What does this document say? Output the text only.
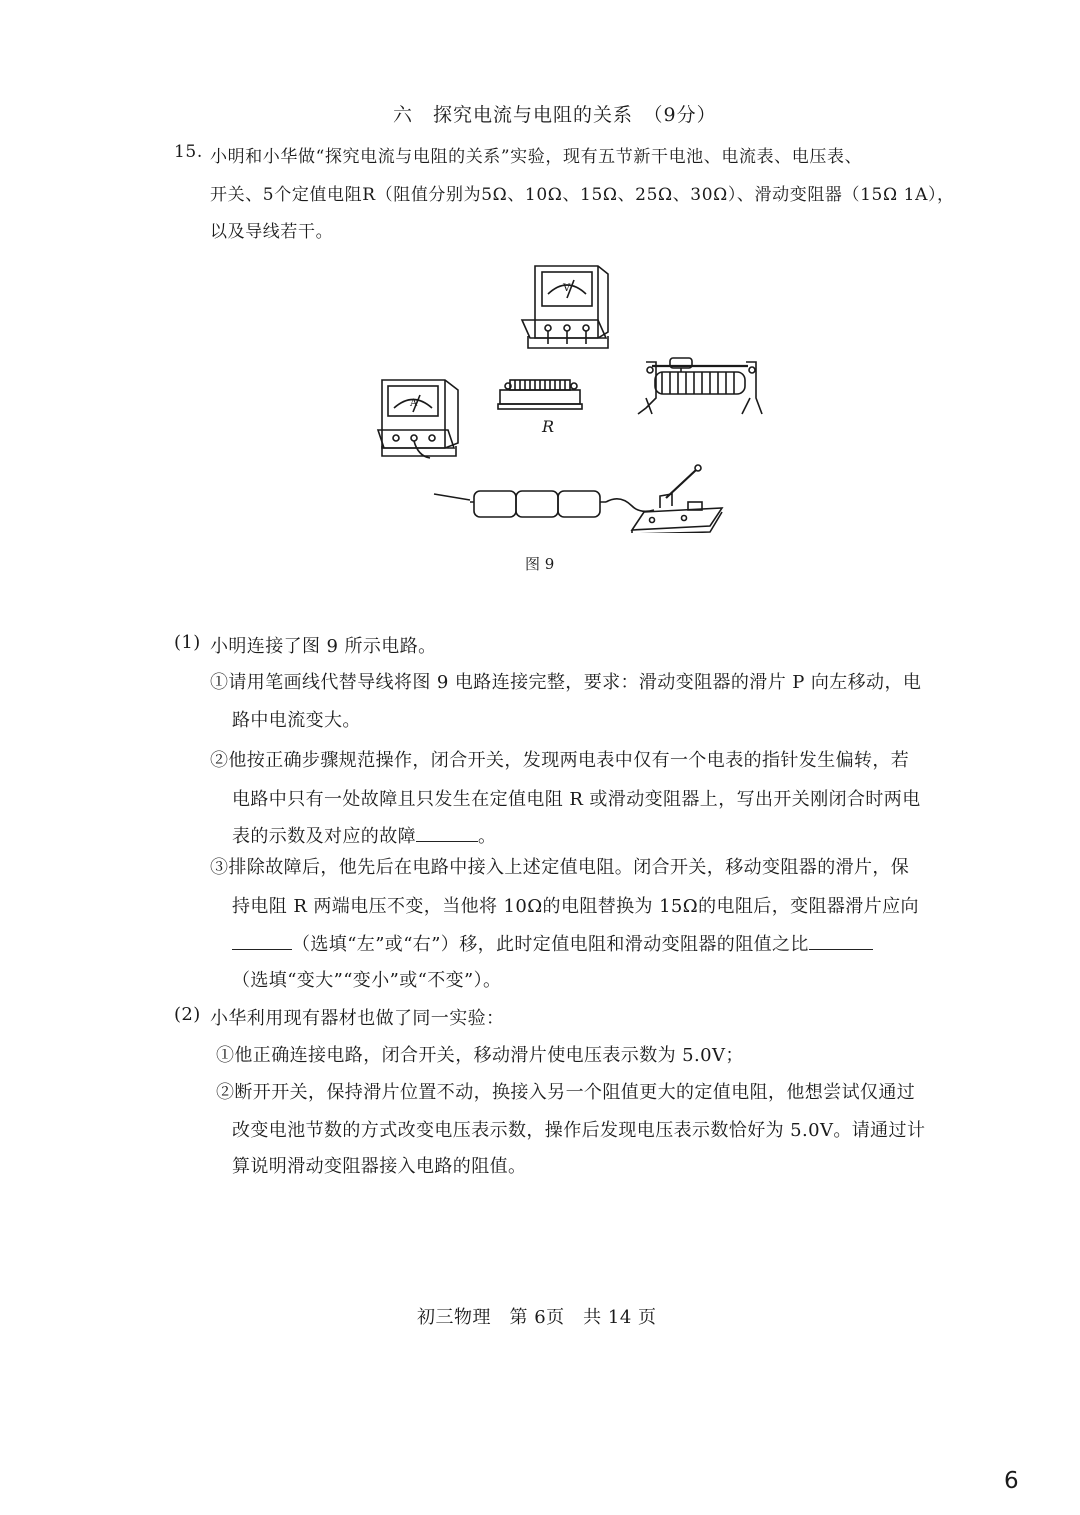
六　探究电流与电阻的关系　（9分）
15. 小明和小华做“探究电流与电阻的关系”实验，现有五节新干电池、电流表、电压表、
开关、5个定值电阻R（阻值分别为5Ω、10Ω、15Ω、25Ω、30Ω）、滑动变阻器（15Ω 1A），
以及导线若干。
V
A
R
图 9
(1) 小明连接了图 9 所示电路。
①请用笔画线代替导线将图 9 电路连接完整，要求：滑动变阻器的滑片 P 向左移动，电
路中电流变大。
②他按正确步骤规范操作，闭合开关，发现两电表中仅有一个电表的指针发生偏转，若
电路中只有一处故障且只发生在定值电阻 R 或滑动变阻器上，写出开关刚闭合时两电
表的示数及对应的故障	。
③排除故障后，他先后在电路中接入上述定值电阻。闭合开关，移动变阻器的滑片，保
持电阻 R 两端电压不变，当他将 10Ω的电阻替换为 15Ω的电阻后，变阻器滑片应向
（选填“左”或“右”）移，此时定值电阻和滑动变阻器的阻值之比
（选填“变大”“变小”或“不变”）。
(2) 小华利用现有器材也做了同一实验：
①他正确连接电路，闭合开关，移动滑片使电压表示数为 5.0V；
②断开开关，保持滑片位置不动，换接入另一个阻值更大的定值电阻，他想尝试仅通过
改变电池节数的方式改变电压表示数，操作后发现电压表示数恰好为 5.0V。请通过计
算说明滑动变阻器接入电路的阻值。
初三物理　第 6页　共 14 页
6
